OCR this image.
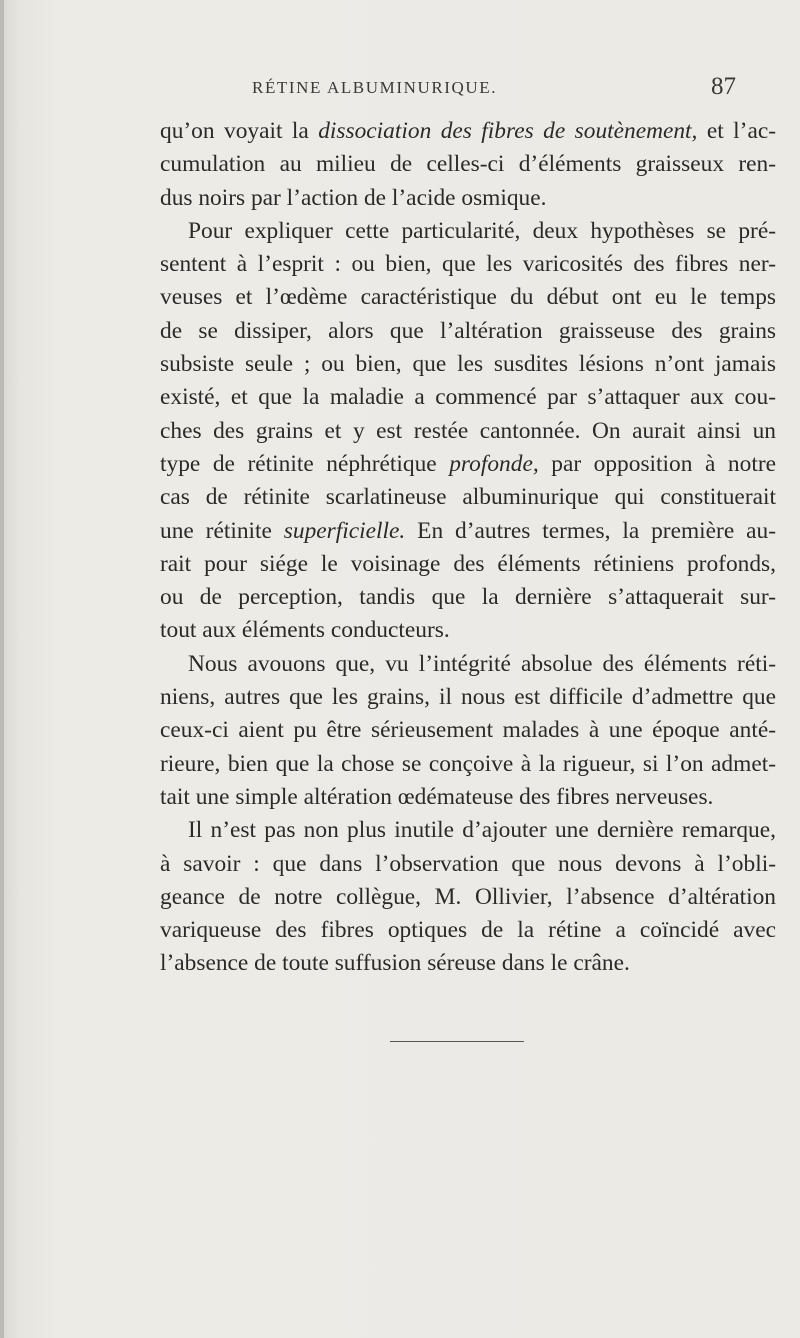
RÉTINE ALBUMINURIQUE.	87
qu’on voyait la dissociation des fibres de soutènement, et l’ac-
cumulation au milieu de celles-ci d’éléments graisseux ren-
dus noirs par l’action de l’acide osmique.
Pour expliquer cette particularité, deux hypothèses se pré-
sentent à l’esprit : ou bien, que les varicosités des fibres ner-
veuses et l’œdème caractéristique du début ont eu le temps
de se dissiper, alors que l’altération graisseuse des grains
subsiste seule ; ou bien, que les susdites lésions n’ont jamais
existé, et que la maladie a commencé par s’attaquer aux cou-
ches des grains et y est restée cantonnée. On aurait ainsi un
type de rétinite néphrétique profonde, par opposition à notre
cas de rétinite scarlatineuse albuminurique qui constituerait
une rétinite superficielle. En d’autres termes, la première au-
rait pour siége le voisinage des éléments rétiniens profonds,
ou de perception, tandis que la dernière s’attaquerait sur-
tout aux éléments conducteurs.
Nous avouons que, vu l’intégrité absolue des éléments réti-
niens, autres que les grains, il nous est difficile d’admettre que
ceux-ci aient pu être sérieusement malades à une époque anté-
rieure, bien que la chose se conçoive à la rigueur, si l’on admet-
tait une simple altération œdémateuse des fibres nerveuses.
Il n’est pas non plus inutile d’ajouter une dernière remarque,
à savoir : que dans l’observation que nous devons à l’obli-
geance de notre collègue, M. Ollivier, l’absence d’altération
variqueuse des fibres optiques de la rétine a coïncidé avec
l’absence de toute suffusion séreuse dans le crâne.
